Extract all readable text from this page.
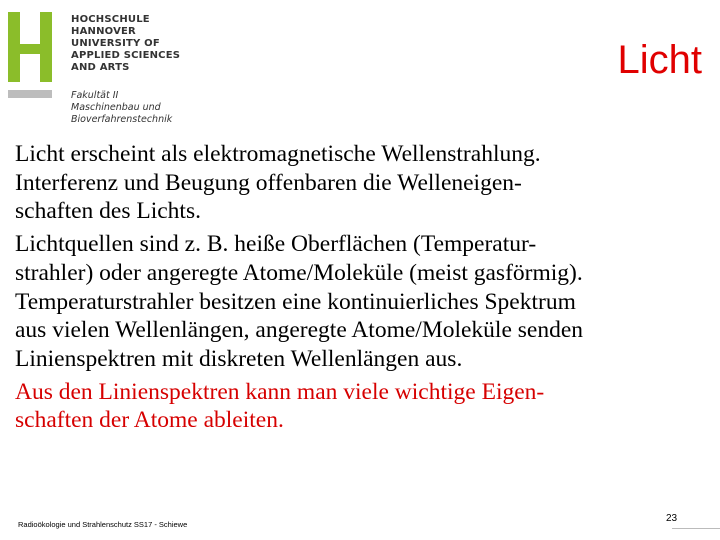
HOCHSCHULE
HANNOVER
UNIVERSITY OF
APPLIED SCIENCES
AND ARTS
Fakultät II
Maschinenbau und
Bioverfahrenstechnik
Licht
Licht erscheint als elektromagnetische Wellenstrahlung.
Interferenz und Beugung offenbaren die Welleneigen-
schaften des Lichts.
Lichtquellen sind z. B. heiße Oberflächen (Temperatur-
strahler) oder angeregte Atome/Moleküle (meist gasförmig).
Temperaturstrahler besitzen eine kontinuierliches Spektrum
aus vielen Wellenlängen, angeregte Atome/Moleküle senden
Linienspektren mit diskreten Wellenlängen aus.
Aus den Linienspektren kann man viele wichtige Eigen-
schaften der Atome ableiten.
Radioökologie und Strahlenschutz SS17 - Schiewe
23
